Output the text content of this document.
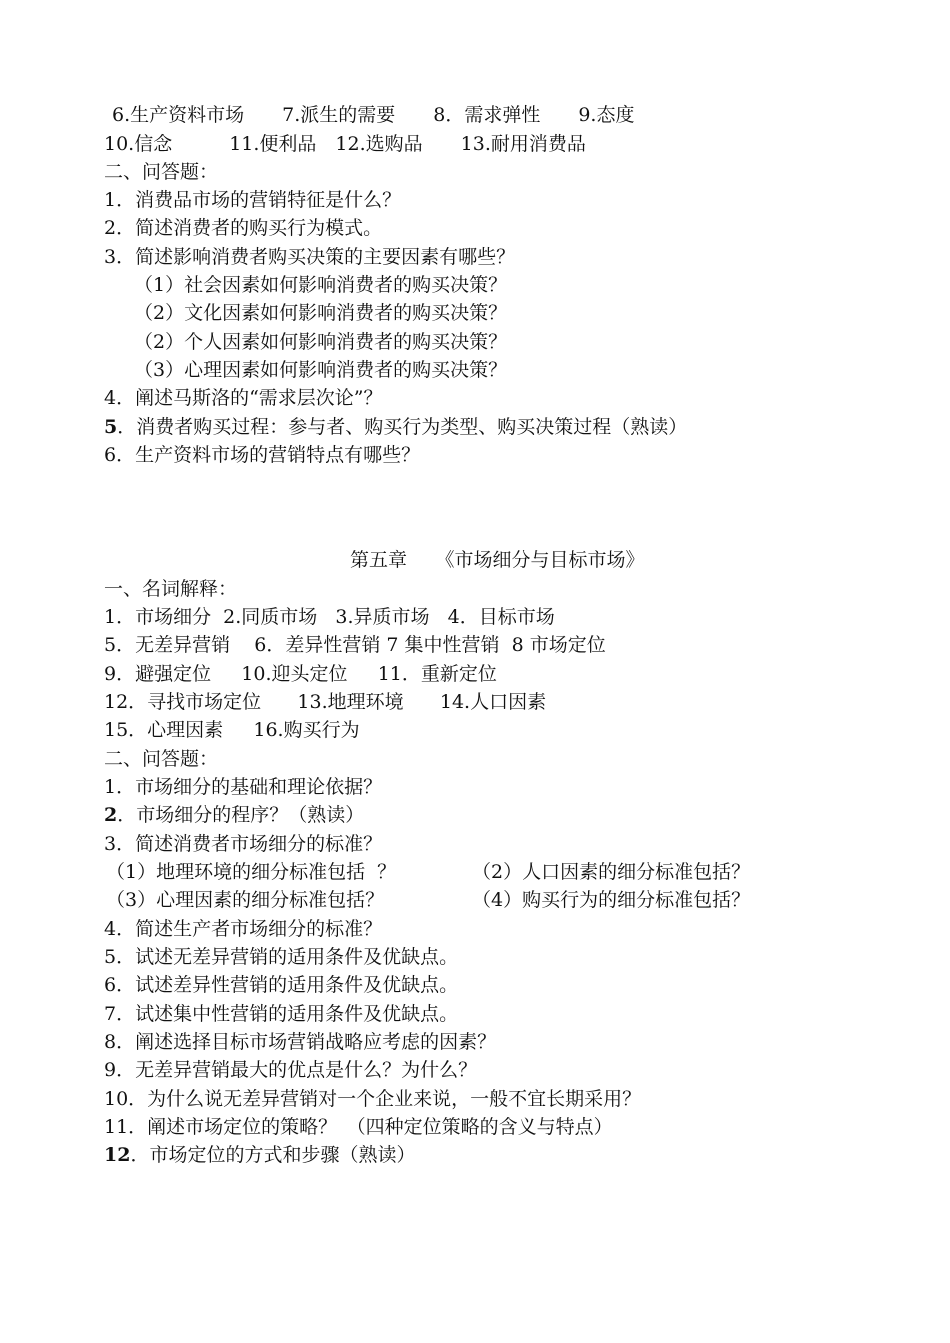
6.生产资料市场　　7.派生的需要　　8．需求弹性　　9.态度
10.信念　　　11.便利品　12.选购品　　13.耐用消费品
二、问答题：
1．消费品市场的营销特征是什么？
2．简述消费者的购买行为模式。
3．简述影响消费者购买决策的主要因素有哪些？
（1）社会因素如何影响消费者的购买决策？
（2）文化因素如何影响消费者的购买决策？
（2）个人因素如何影响消费者的购买决策？
（3）心理因素如何影响消费者的购买决策？
4．阐述马斯洛的“需求层次论”？
5．消费者购买过程：参与者、购买行为类型、购买决策过程（熟读）
6．生产资料市场的营销特点有哪些？
第五章　　《市场细分与目标市场》
一、名词解释：
1．市场细分  2.同质市场   3.异质市场   4．目标市场
5．无差异营销    6．差异性营销 7 集中性营销  8 市场定位
9．避强定位     10.迎头定位     11．重新定位
12．寻找市场定位      13.地理环境      14.人口因素
15．心理因素     16.购买行为
二、问答题：
1．市场细分的基础和理论依据？
2．市场细分的程序？（熟读）
3．简述消费者市场细分的标准？
（1）地理环境的细分标准包括  ？	（2）人口因素的细分标准包括？
（3）心理因素的细分标准包括？	（4）购买行为的细分标准包括？
4．简述生产者市场细分的标准？
5．试述无差异营销的适用条件及优缺点。
6．试述差异性营销的适用条件及优缺点。
7．试述集中性营销的适用条件及优缺点。
8．阐述选择目标市场营销战略应考虑的因素？
9．无差异营销最大的优点是什么？为什么？
10．为什么说无差异营销对一个企业来说，一般不宜长期采用？
11．阐述市场定位的策略？　（四种定位策略的含义与特点）
12．市场定位的方式和步骤（熟读）
